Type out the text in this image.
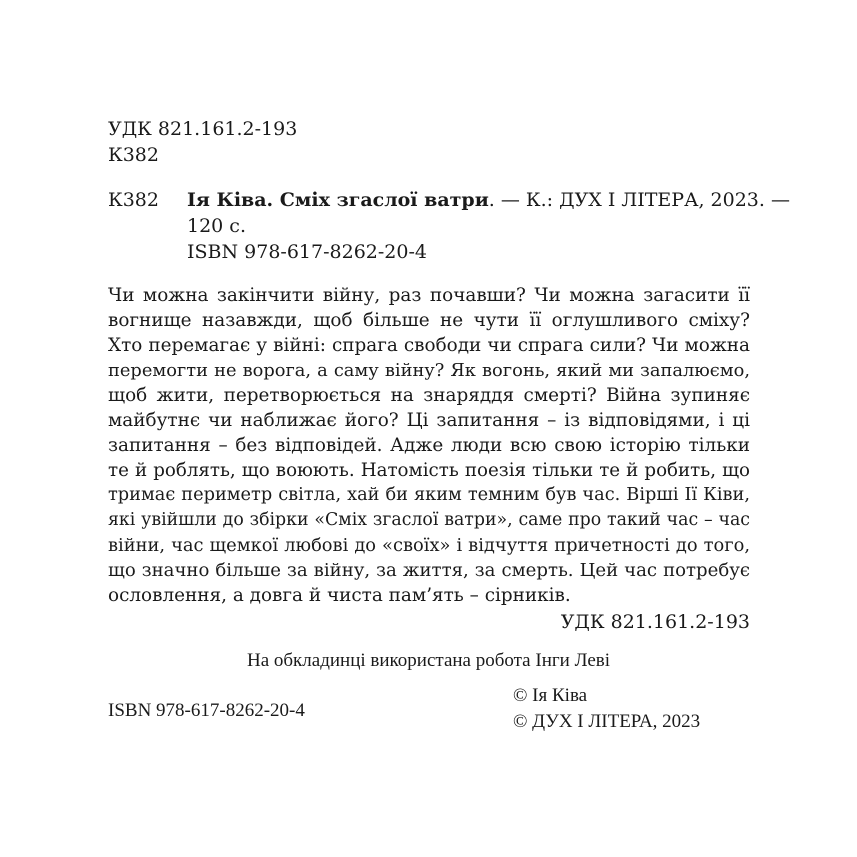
УДК 821.161.2-193
К382
К382 Ія Ківа. Сміх згаслої ватри. — К.: ДУХ І ЛІТЕРА, 2023. —
120 с.
ISBN 978-617-8262-20-4
Чи можна закінчити війну, раз почавши? Чи можна загасити її
вогнище назавжди, щоб більше не чути її оглушливого сміху?
Хто перемагає у війні: спрага свободи чи спрага сили? Чи можна
перемогти не ворога, а саму війну? Як вогонь, який ми запалюємо,
щоб жити, перетворюється на знаряддя смерті? Війна зупиняє
майбутнє чи наближає його? Ці запитання – із відповідями, і ці
запитання – без відповідей. Адже люди всю свою історію тільки
те й роблять, що воюють. Натомість поезія тільки те й робить, що
тримає периметр світла, хай би яким темним був час. Вірші Ії Ківи,
які увійшли до збірки «Сміх згаслої ватри», саме про такий час – час
війни, час щемкої любові до «своїх» і відчуття причетності до того,
що значно більше за війну, за життя, за смерть. Цей час потребує
ословлення, а довга й чиста пам’ять – сірників.
УДК 821.161.2-193
На обкладинці використана робота Інги Леві
ISBN 978-617-8262-20-4
© Ія Ківа
© ДУХ І ЛІТЕРА, 2023
